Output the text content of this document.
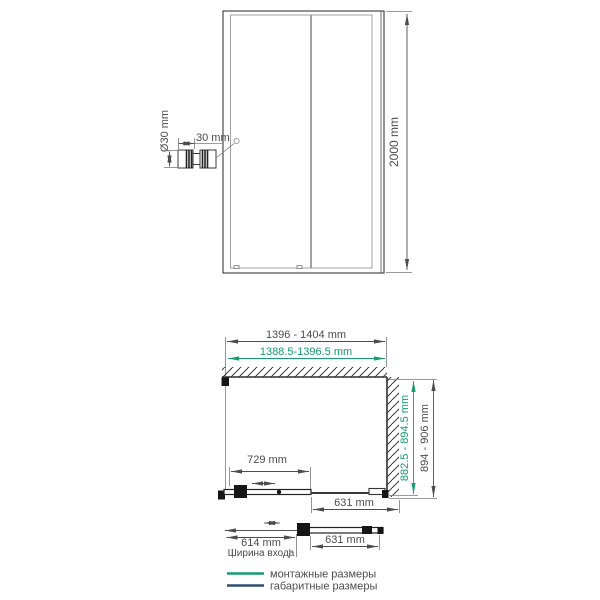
2000 mm
Ø30 mm 30 mm
1396 - 1404 mm
1388.5-1396.5 mm
882.5 - 894.5 mm 894 - 906 mm
729 mm
631 mm
614 mm
Ширина входа
631 mm
монтажные размеры
габаритные размеры
